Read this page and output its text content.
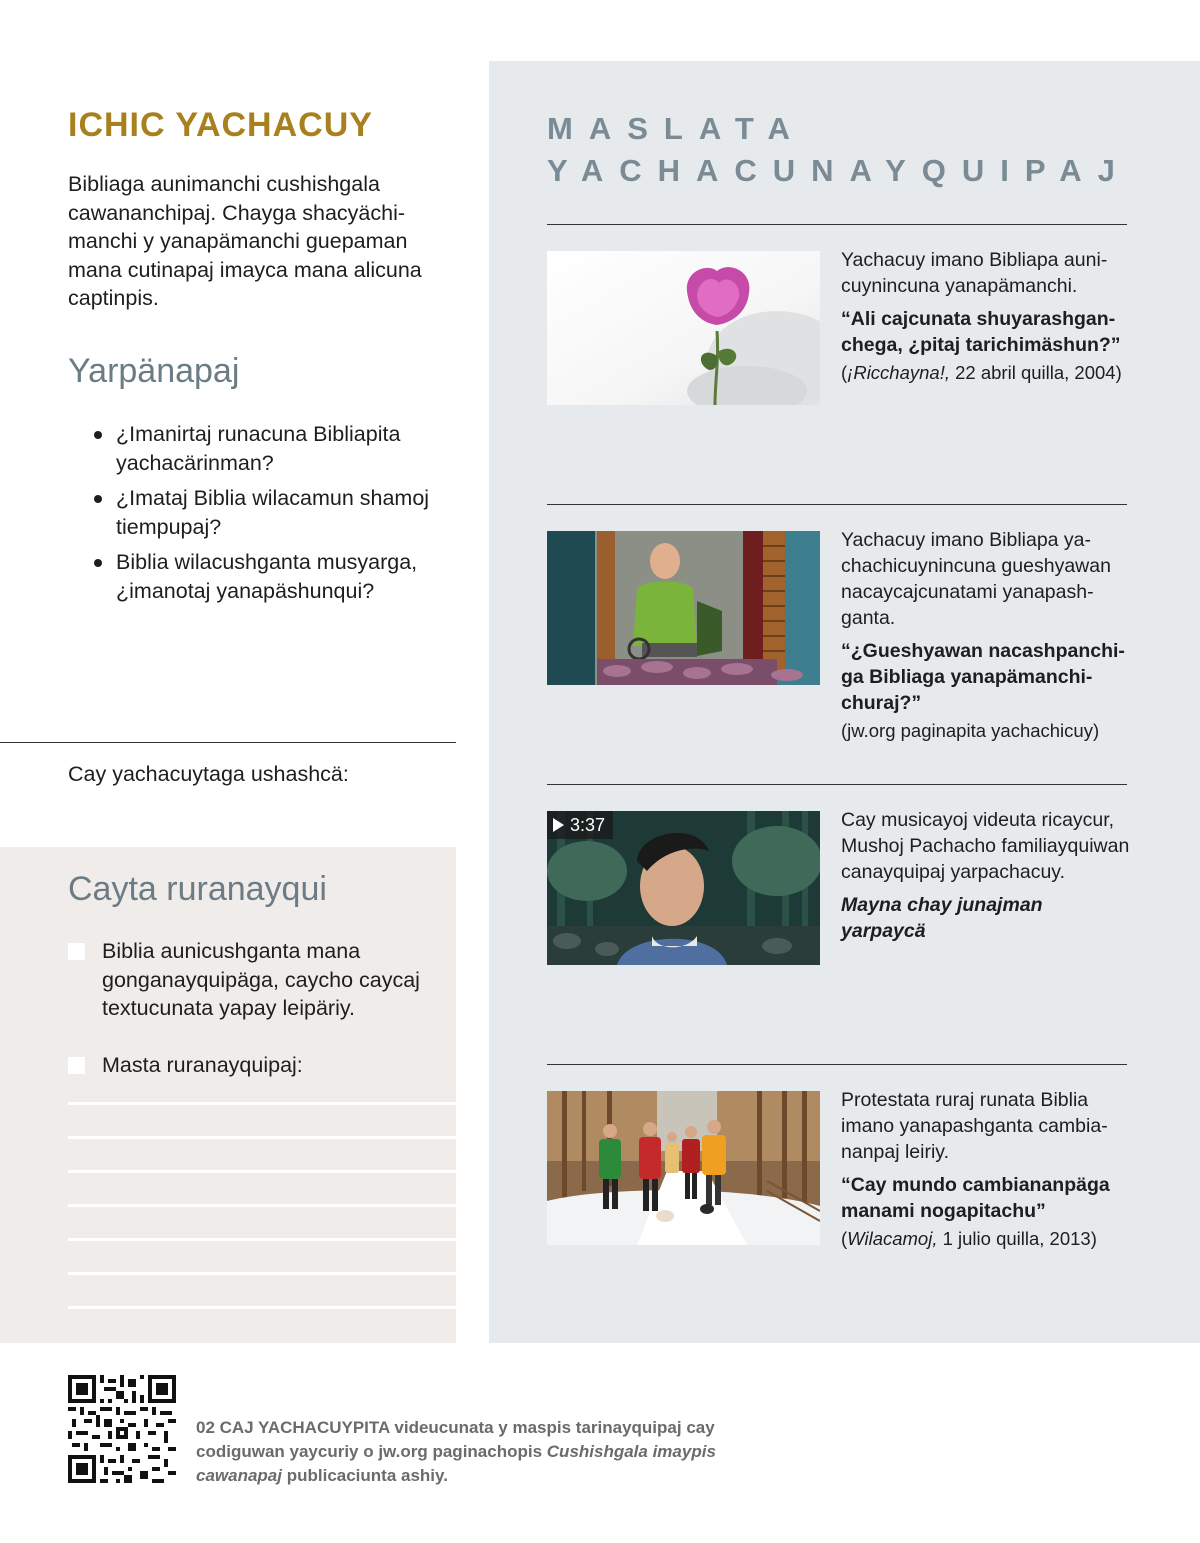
ICHIC YACHACUY

Bibliaga aunimanchi cushishgala cawananchipaj. Chayga shacyächimanchi y yanapämanchi guepaman mana cutinapaj imayca mana alicuna captinpis.

Yarpänapaj
¿Imanirtaj runacuna Bibliapita yachacärinman?
¿Imataj Biblia wilacamun shamoj tiempupaj?
Biblia wilacushganta musyarga, ¿imanotaj yanapäshunqui?
Cay yachacuytaga ushashcä:
Cayta ruranayqui
Biblia aunicushganta mana gonganayquipäga, caycho caycaj textucunata yapay leipäriy.
Masta ruranayquipaj:
MASLATA
YACHACUNAYQUIPAJ
Yachacuy imano Bibliapa aunicuynincuna yanapämanchi.
“Ali cajcunata shuyarashganchega, ¿pitaj tarichimäshun?”
(¡Ricchayna!, 22 abril quilla, 2004)
Yachacuy imano Bibliapa yachachicuynincuna gueshyawan nacaycajcunatami yanapashganta.
“¿Gueshyawan nacashpanchiga Bibliaga yanapämanchichuraj?”
(jw.org paginapita yachachicuy)
3:37	Cay musicayoj videuta ricaycur, Mushoj Pachacho familiayquiwan canayquipaj yarpachacuy.
Mayna chay junajman yarpaycä
Protestata ruraj runata Biblia imano yanapashganta cambiananpaj leiriy.
“Cay mundo cambiananpäga manami nogapitachu”
(Wilacamoj, 1 julio quilla, 2013)

02 CAJ YACHACUYPITA videucunata y maspis tarinayquipaj cay codiguwan yaycuriy o jw.org paginachopis Cushishgala imaypis cawanapaj publicaciunta ashiy.
